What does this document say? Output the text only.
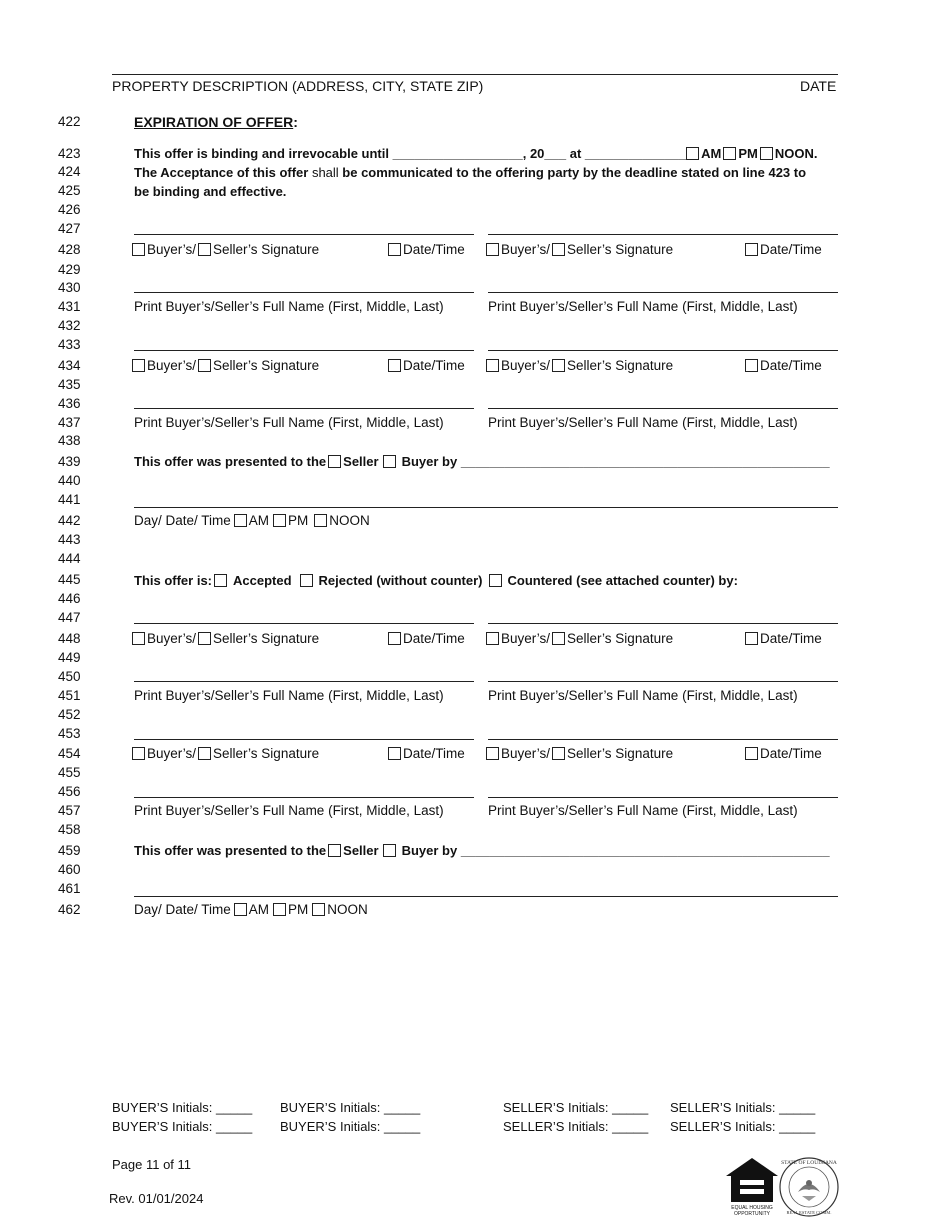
PROPERTY DESCRIPTION (ADDRESS, CITY, STATE ZIP)	DATE
422
423
424
425
426
427
428
429
430
431
432
433
434
435
436
437
438
439
440
441
442
443
444
445
446
447
448
449
450
451
452
453
454
455
456
457
458
459
460
461
462
EXPIRATION OF OFFER:
This offer is binding and irrevocable until __________________, 20___ at ______________ AM PM NOON.
The Acceptance of this offer shall be communicated to the offering party by the deadline stated on line 423 to
be binding and effective.
Buyer’s/ Seller’s Signature	Date/Time	Buyer’s/ Seller’s Signature	Date/Time
Buyer’s/ Seller’s Signature	Date/Time	Buyer’s/ Seller’s Signature	Date/Time
Buyer’s/ Seller’s Signature	Date/Time	Buyer’s/ Seller’s Signature	Date/Time
Buyer’s/ Seller’s Signature	Date/Time	Buyer’s/ Seller’s Signature	Date/Time
Print Buyer’s/Seller’s Full Name (First, Middle, Last)	Print Buyer’s/Seller’s Full Name (First, Middle, Last)
Print Buyer’s/Seller’s Full Name (First, Middle, Last)	Print Buyer’s/Seller’s Full Name (First, Middle, Last)
Print Buyer’s/Seller’s Full Name (First, Middle, Last)	Print Buyer’s/Seller’s Full Name (First, Middle, Last)
Print Buyer’s/Seller’s Full Name (First, Middle, Last)	Print Buyer’s/Seller’s Full Name (First, Middle, Last)
This offer was presented to the Seller Buyer by ___________________________________________________
Day/ Date/ Time AM PM NOON
This offer is: Accepted Rejected (without counter) Countered (see attached counter) by:
This offer was presented to the Seller Buyer by ___________________________________________________
Day/ Date/ Time AM PM NOON
BUYER’S Initials: _____ BUYER’S Initials: _____	SELLER’S Initials: _____ SELLER’S Initials: _____
BUYER’S Initials: _____ BUYER’S Initials: _____	SELLER’S Initials: _____ SELLER’S Initials: _____
Page 11 of 11
Rev. 01/01/2024
EQUAL HOUSING
OPPORTUNITY
STATE OF LOUISIANA
REAL ESTATE COMM.
